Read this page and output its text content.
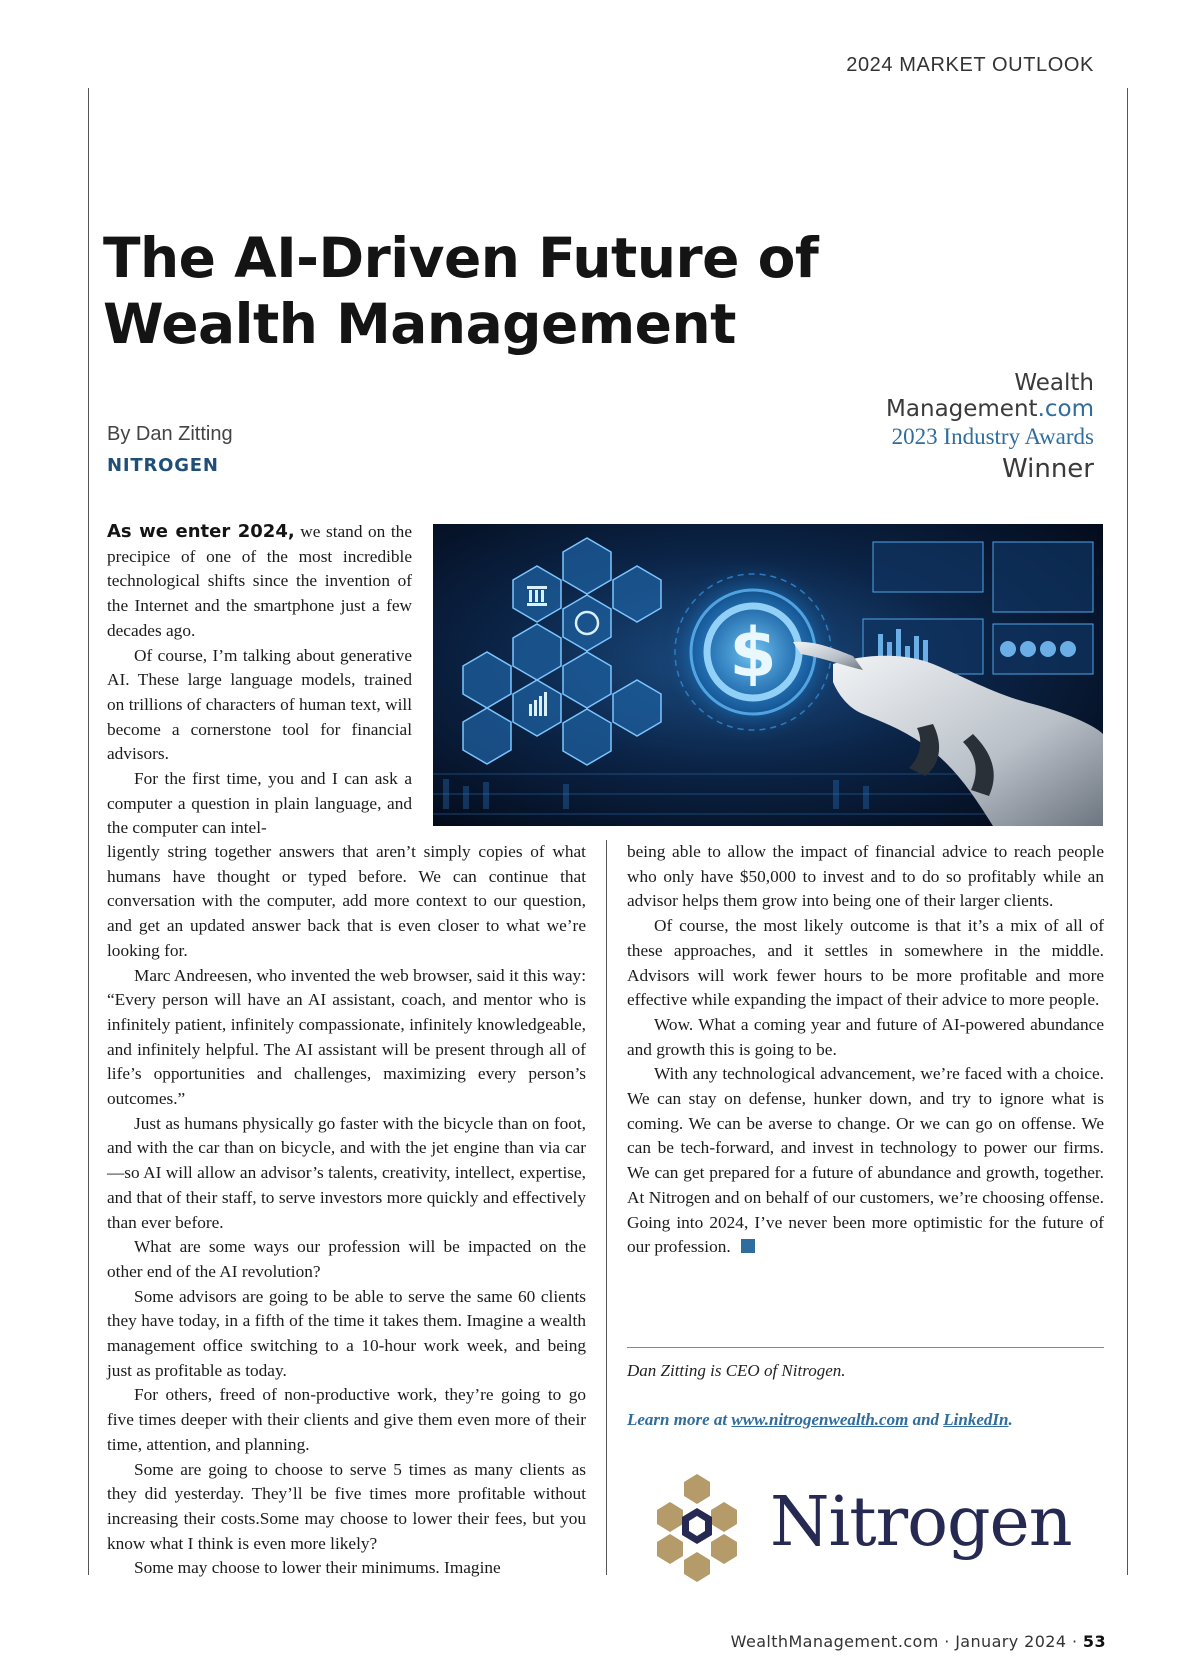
2024 MARKET OUTLOOK

The AI-Driven Future of
Wealth Management

By Dan Zitting

NITROGEN

Wealth
Management.com
2023 Industry Awards
Winner
$

As we enter 2024, we stand on the precipice of one of the most incredible technological shifts since the invention of the Internet and the smartphone just a few decades ago.

Of course, I’m talking about generative AI. These large language models, trained on trillions of characters of human text, will become a cornerstone tool for financial advisors.

For the first time, you and I can ask a computer a question in plain language, and the computer can intel-

ligently string together answers that aren’t simply copies of what humans have thought or typed before. We can continue that conversation with the computer, add more context to our question, and get an updated answer back that is even closer to what we’re looking for.

Marc Andreesen, who invented the web browser, said it this way: “Every person will have an AI assistant, coach, and mentor who is infinitely patient, infinitely compassionate, infinitely knowledgeable, and infinitely helpful. The AI assistant will be present through all of life’s opportunities and challenges, maximizing every person’s outcomes.”

Just as humans physically go faster with the bicycle than on foot, and with the car than on bicycle, and with the jet engine than via car—so AI will allow an advisor’s talents, creativity, intellect, expertise, and that of their staff, to serve investors more quickly and effectively than ever before.

What are some ways our profession will be impacted on the other end of the AI revolution?

Some advisors are going to be able to serve the same 60 clients they have today, in a fifth of the time it takes them. Imagine a wealth management office switching to a 10-hour work week, and being just as profitable as today.

For others, freed of non-productive work, they’re going to go five times deeper with their clients and give them even more of their time, attention, and planning.

Some are going to choose to serve 5 times as many clients as they did yesterday. They’ll be five times more profitable without increasing their costs.Some may choose to lower their fees, but you know what I think is even more likely?

Some may choose to lower their minimums. Imagine

being able to allow the impact of financial advice to reach people who only have $50,000 to invest and to do so profitably while an advisor helps them grow into being one of their larger clients.

Of course, the most likely outcome is that it’s a mix of all of these approaches, and it settles in somewhere in the middle. Advisors will work fewer hours to be more profitable and more effective while expanding the impact of their advice to more people.

Wow. What a coming year and future of AI-powered abundance and growth this is going to be.

With any technological advancement, we’re faced with a choice. We can stay on defense, hunker down, and try to ignore what is coming. We can be averse to change. Or we can go on offense. We can be tech-forward, and invest in technology to power our firms. We can get prepared for a future of abundance and growth, together. At Nitrogen and on behalf of our customers, we’re choosing offense. Going into 2024, I’ve never been more optimistic for the future of our profession.

Dan Zitting is CEO of Nitrogen.

Learn more at www.nitrogenwealth.com and LinkedIn.

Nitrogen

WealthManagement.com · January 2024 · 53
